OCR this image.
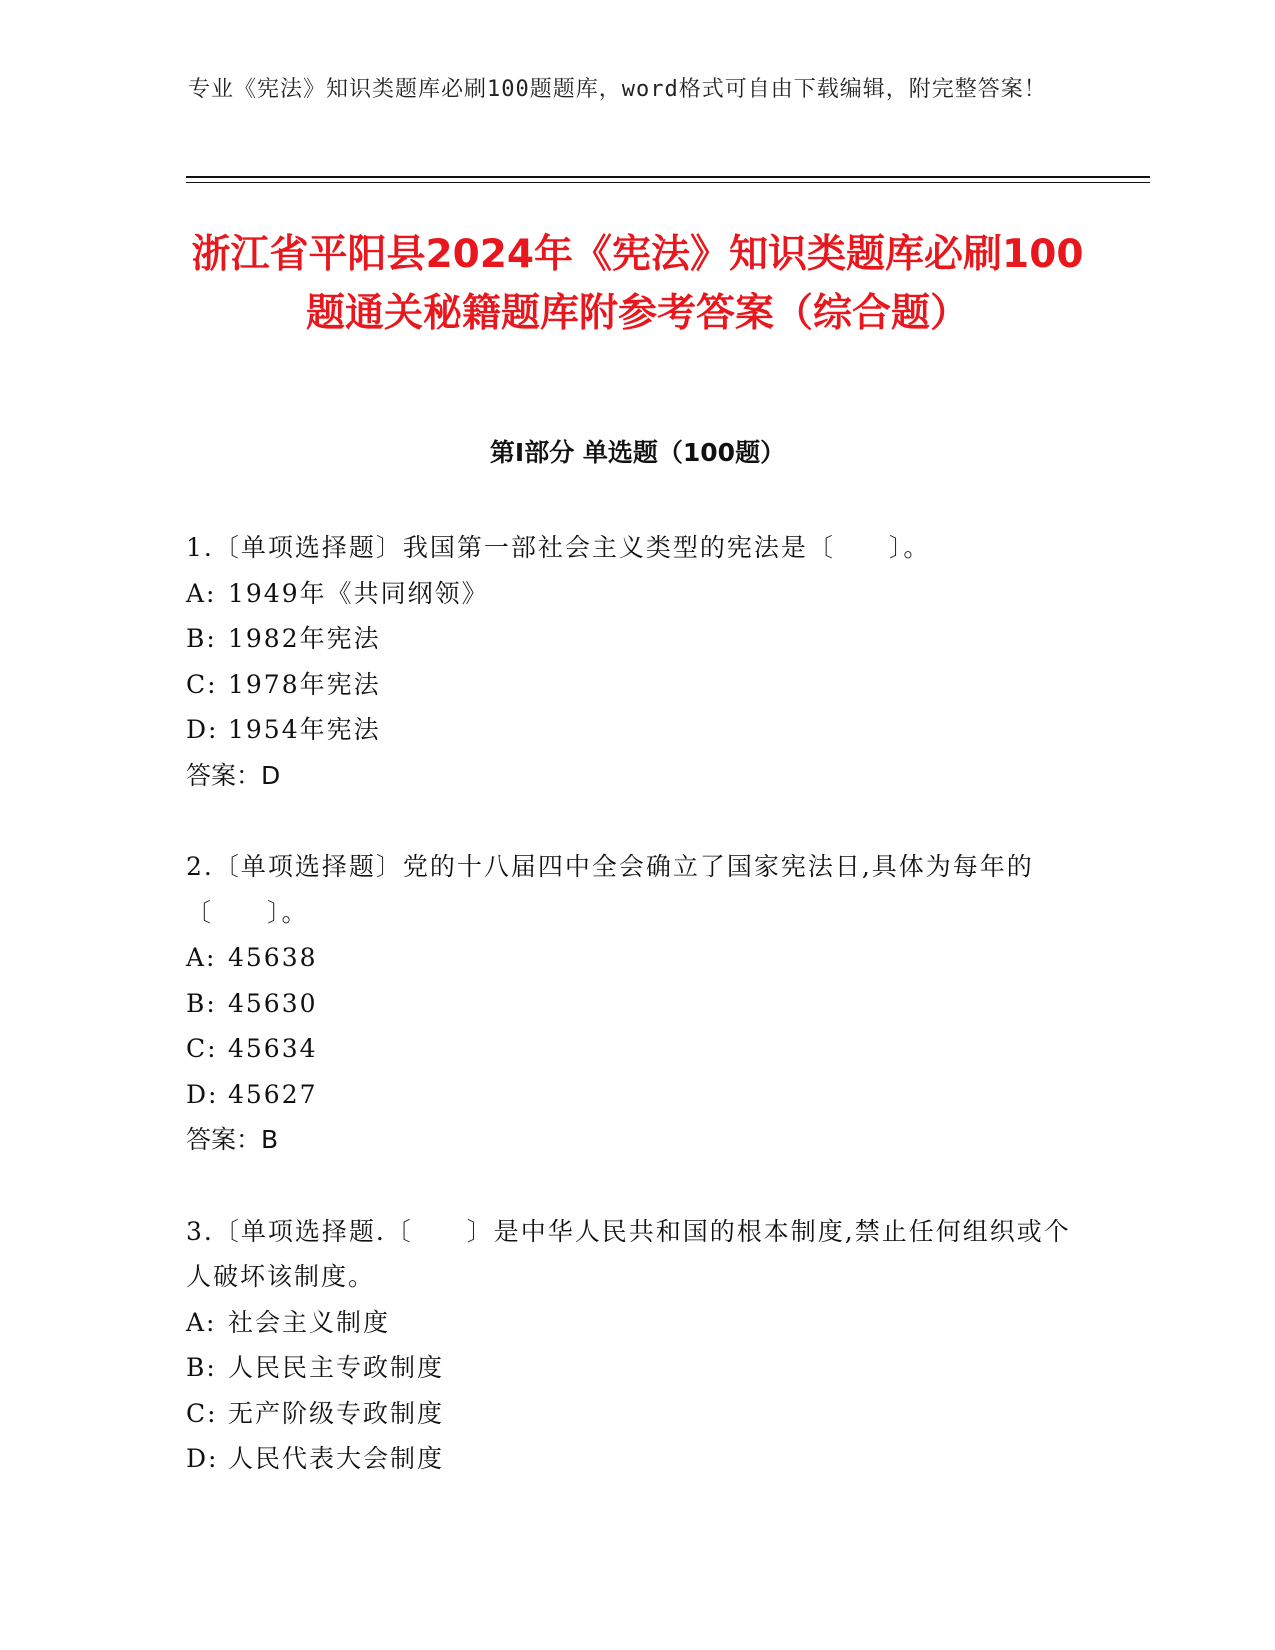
专业《宪法》知识类题库必刷100题题库，word格式可自由下载编辑，附完整答案！
浙江省平阳县2024年《宪法》知识类题库必刷100题通关秘籍题库附参考答案（综合题）
第I部分 单选题（100题）
1.〔单项选择题〕我国第一部社会主义类型的宪法是〔　　〕。
A: 1949年《共同纲领》
B: 1982年宪法
C: 1978年宪法
D: 1954年宪法
答案：D
2.〔单项选择题〕党的十八届四中全会确立了国家宪法日,具体为每年的〔　　〕。
A: 45638
B: 45630
C: 45634
D: 45627
答案：B
3.〔单项选择题.〔　　〕是中华人民共和国的根本制度,禁止任何组织或个人破坏该制度。
A: 社会主义制度
B: 人民民主专政制度
C: 无产阶级专政制度
D: 人民代表大会制度
